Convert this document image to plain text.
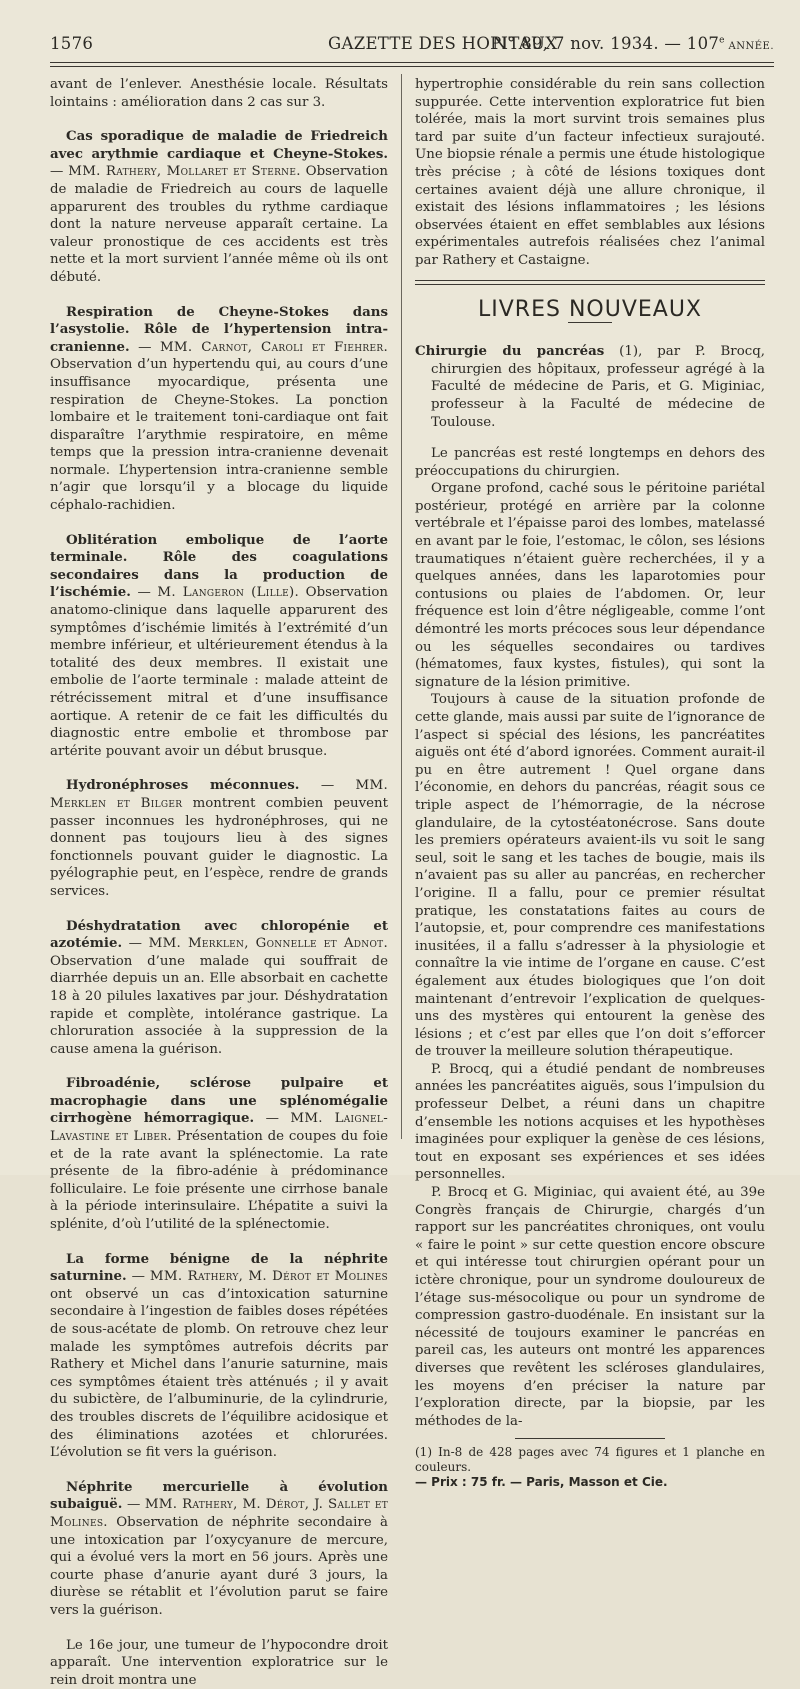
1576	GAZETTE DES HOPITAUX
N° 89, 7 nov. 1934. — 107e ANNÉE.

avant de l’enlever. Anesthésie locale. Résultats lointains : amélioration dans 2 cas sur 3.

Cas sporadique de maladie de Friedreich avec arythmie cardiaque et Cheyne-Stokes. — MM. Rathery, Mollaret et Sterne. Observation de maladie de Friedreich au cours de laquelle apparurent des troubles du rythme cardiaque dont la nature nerveuse apparaît certaine. La valeur pronostique de ces accidents est très nette et la mort survient l’année même où ils ont débuté.

Respiration de Cheyne-Stokes dans l’asystolie. Rôle de l’hypertension intra-cranienne. — MM. Carnot, Caroli et Fiehrer. Observation d’un hypertendu qui, au cours d’une insuffisance myocardique, présenta une respiration de Cheyne-Stokes. La ponction lombaire et le traitement toni-cardiaque ont fait disparaître l’arythmie respiratoire, en même temps que la pression intra-cranienne devenait normale. L’hypertension intra-cranienne semble n’agir que lorsqu’il y a blocage du liquide céphalo-rachidien.

Oblitération embolique de l’aorte terminale. Rôle des coagulations secondaires dans la production de l’ischémie. — M. Langeron (Lille). Observation anatomo-clinique dans laquelle apparurent des symptômes d’ischémie limités à l’extrémité d’un membre inférieur, et ultérieurement étendus à la totalité des deux membres. Il existait une embolie de l’aorte terminale : malade atteint de rétrécissement mitral et d’une insuffisance aortique. A retenir de ce fait les difficultés du diagnostic entre embolie et thrombose par artérite pouvant avoir un début brusque.

Hydronéphroses méconnues. — MM. Merklen et Bilger montrent combien peuvent passer inconnues les hydronéphroses, qui ne donnent pas toujours lieu à des signes fonctionnels pouvant guider le diagnostic. La pyélographie peut, en l’espèce, rendre de grands services.

Déshydratation avec chloropénie et azotémie. — MM. Merklen, Gonnelle et Adnot. Observation d’une malade qui souffrait de diarrhée depuis un an. Elle absorbait en cachette 18 à 20 pilules laxatives par jour. Déshydratation rapide et complète, intolérance gastrique. La chloruration associée à la suppression de la cause amena la guérison.

Fibroadénie, sclérose pulpaire et macrophagie dans une splénomégalie cirrhogène hémorragique. — MM. Laignel-Lavastine et Liber. Présentation de coupes du foie et de la rate avant la splénectomie. La rate présente de la fibro-adénie à prédominance folliculaire. Le foie présente une cirrhose banale à la période interinsulaire. L’hépatite a suivi la splénite, d’où l’utilité de la splénectomie.

La forme bénigne de la néphrite saturnine. — MM. Rathery, M. Dérot et Molines ont observé un cas d’intoxication saturnine secondaire à l’ingestion de faibles doses répétées de sous-acétate de plomb. On retrouve chez leur malade les symptômes autrefois décrits par Rathery et Michel dans l’anurie saturnine, mais ces symptômes étaient très atténués ; il y avait du subictère, de l’albuminurie, de la cylindrurie, des troubles discrets de l’équilibre acidosique et des éliminations azotées et chlorurées. L’évolution se fit vers la guérison.

Néphrite mercurielle à évolution subaiguë. — MM. Rathery, M. Dérot, J. Sallet et Molines. Observation de néphrite secondaire à une intoxication par l’oxycyanure de mercure, qui a évolué vers la mort en 56 jours. Après une courte phase d’anurie ayant duré 3 jours, la diurèse se rétablit et l’évolution parut se faire vers la guérison.

Le 16e jour, une tumeur de l’hypocondre droit apparaît. Une intervention exploratrice sur le rein droit montra une

hypertrophie considérable du rein sans collection suppurée. Cette intervention exploratrice fut bien tolérée, mais la mort survint trois semaines plus tard par suite d’un facteur infectieux surajouté. Une biopsie rénale a permis une étude histologique très précise ; à côté de lésions toxiques dont certaines avaient déjà une allure chronique, il existait des lésions inflammatoires ; les lésions observées étaient en effet semblables aux lésions expérimentales autrefois réalisées chez l’animal par Rathery et Castaigne.

LIVRES NOUVEAUX

Chirurgie du pancréas (1), par P. Brocq, chirurgien des hôpitaux, professeur agrégé à la Faculté de médecine de Paris, et G. Miginiac, professeur à la Faculté de médecine de Toulouse.

Le pancréas est resté longtemps en dehors des préoccupations du chirurgien.

Organe profond, caché sous le péritoine pariétal postérieur, protégé en arrière par la colonne vertébrale et l’épaisse paroi des lombes, matelassé en avant par le foie, l’estomac, le côlon, ses lésions traumatiques n’étaient guère recherchées, il y a quelques années, dans les laparotomies pour contusions ou plaies de l’abdomen. Or, leur fréquence est loin d’être négligeable, comme l’ont démontré les morts précoces sous leur dépendance ou les séquelles secondaires ou tardives (hématomes, faux kystes, fistules), qui sont la signature de la lésion primitive.

Toujours à cause de la situation profonde de cette glande, mais aussi par suite de l’ignorance de l’aspect si spécial des lésions, les pancréatites aiguës ont été d’abord ignorées. Comment aurait-il pu en être autrement ! Quel organe dans l’économie, en dehors du pancréas, réagit sous ce triple aspect de l’hémorragie, de la nécrose glandulaire, de la cytostéatonécrose. Sans doute les premiers opérateurs avaient-ils vu soit le sang seul, soit le sang et les taches de bougie, mais ils n’avaient pas su aller au pancréas, en rechercher l’origine. Il a fallu, pour ce premier résultat pratique, les constatations faites au cours de l’autopsie, et, pour comprendre ces manifestations inusitées, il a fallu s’adresser à la physiologie et connaître la vie intime de l’organe en cause. C’est également aux études biologiques que l’on doit maintenant d’entrevoir l’explication de quelques-uns des mystères qui entourent la genèse des lésions ; et c’est par elles que l’on doit s’efforcer de trouver la meilleure solution thérapeutique.

P. Brocq, qui a étudié pendant de nombreuses années les pancréatites aiguës, sous l’impulsion du professeur Delbet, a réuni dans un chapitre d’ensemble les notions acquises et les hypothèses imaginées pour expliquer la genèse de ces lésions, tout en exposant ses expériences et ses idées personnelles.

P. Brocq et G. Miginiac, qui avaient été, au 39e Congrès français de Chirurgie, chargés d’un rapport sur les pancréatites chroniques, ont voulu « faire le point » sur cette question encore obscure et qui intéresse tout chirurgien opérant pour un ictère chronique, pour un syndrome douloureux de l’étage sus-mésocolique ou pour un syndrome de compression gastro-duodénale. En insistant sur la nécessité de toujours examiner le pancréas en pareil cas, les auteurs ont montré les apparences diverses que revêtent les scléroses glandulaires, les moyens d’en préciser la nature par l’exploration directe, par la biopsie, par les méthodes de la-

(1) In-8 de 428 pages avec 74 figures et 1 planche en couleurs.
— Prix : 75 fr. — Paris, Masson et Cie.
